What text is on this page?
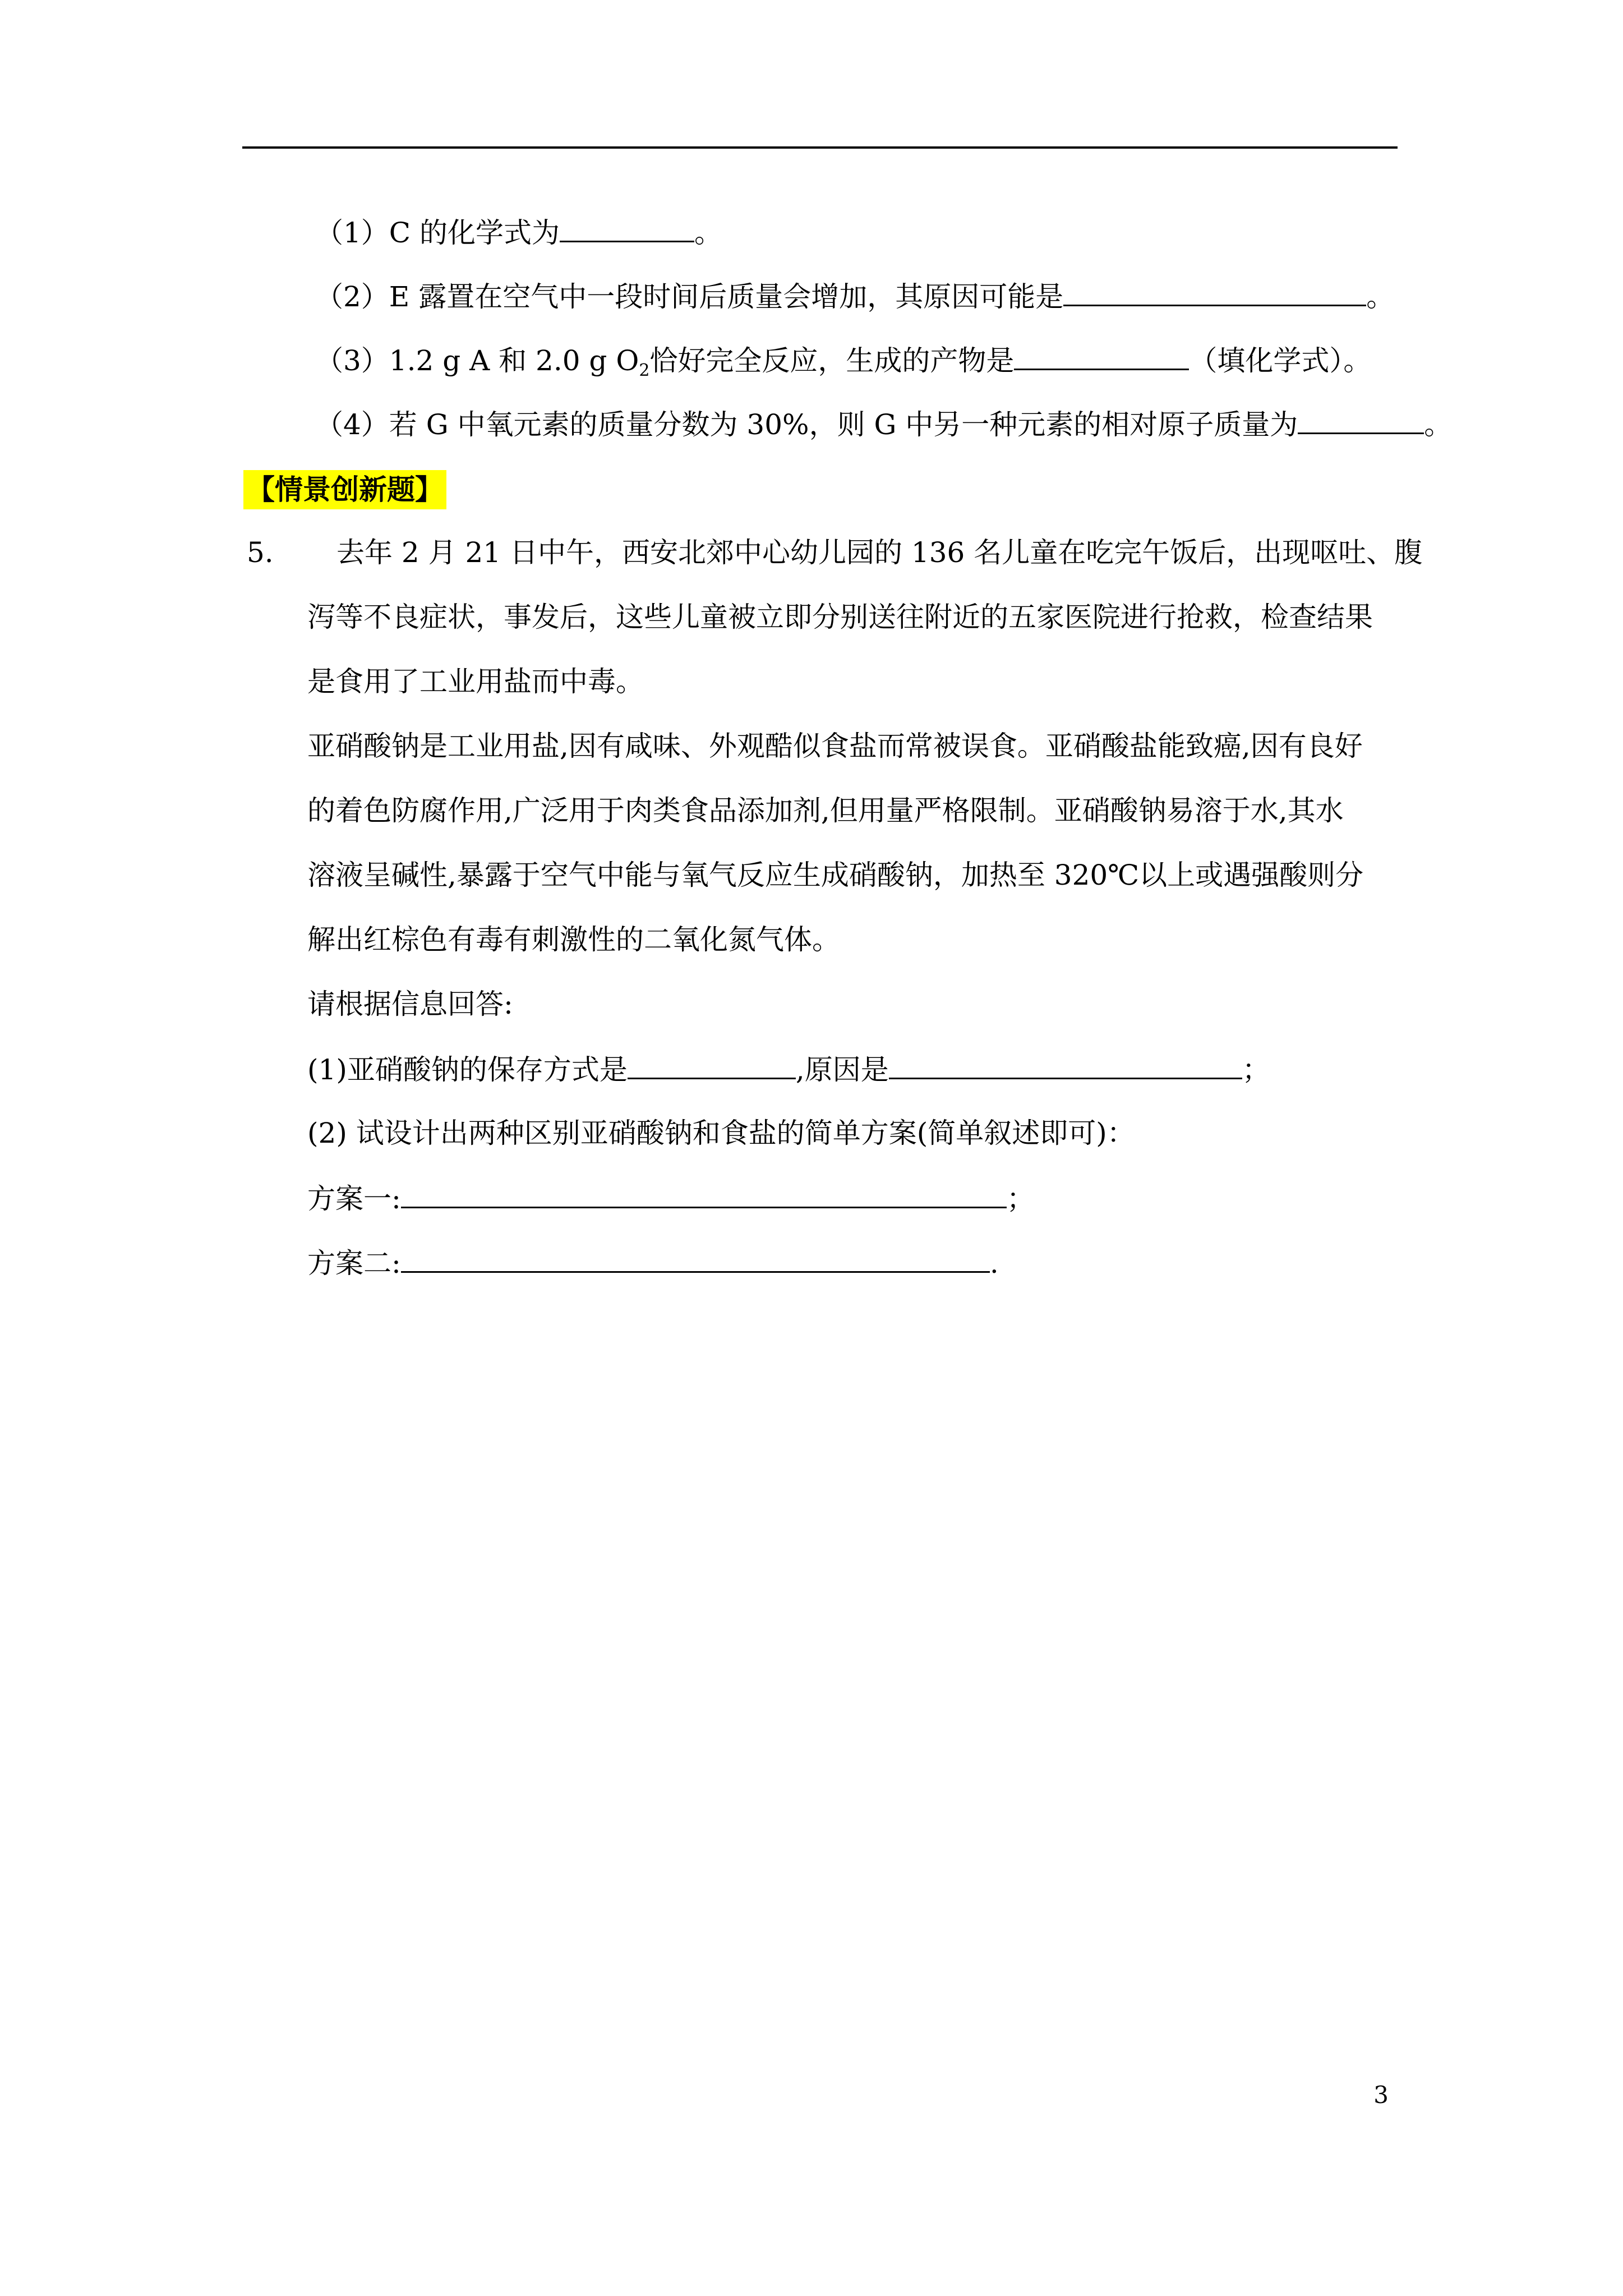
（1）C 的化学式为	。
（2）E 露置在空气中一段时间后质量会增加，其原因可能是	。
（3）1.2 g A 和 2.0 g $O_2$恰好完全反应，生成的产物是	（填化学式）。
（4）若 G 中氧元素的质量分数为 30%，则 G 中另一种元素的相对原子质量为	。
【情景创新题】
5. 去年 2 月 21 日中午，西安北郊中心幼儿园的 136 名儿童在吃完午饭后，出现呕吐、腹
泻等不良症状，事发后，这些儿童被立即分别送往附近的五家医院进行抢救，检查结果
是食用了工业用盐而中毒。
亚硝酸钠是工业用盐,因有咸味、外观酷似食盐而常被误食。亚硝酸盐能致癌,因有良好
的着色防腐作用,广泛用于肉类食品添加剂,但用量严格限制。亚硝酸钠易溶于水,其水
溶液呈碱性,暴露于空气中能与氧气反应生成硝酸钠，加热至 320℃以上或遇强酸则分
解出红棕色有毒有刺激性的二氧化氮气体。
请根据信息回答:
(1)亚硝酸钠的保存方式是	,原因是	；
(2) 试设计出两种区别亚硝酸钠和食盐的简单方案(简单叙述即可)：
方案一:	；
方案二:	.
3
